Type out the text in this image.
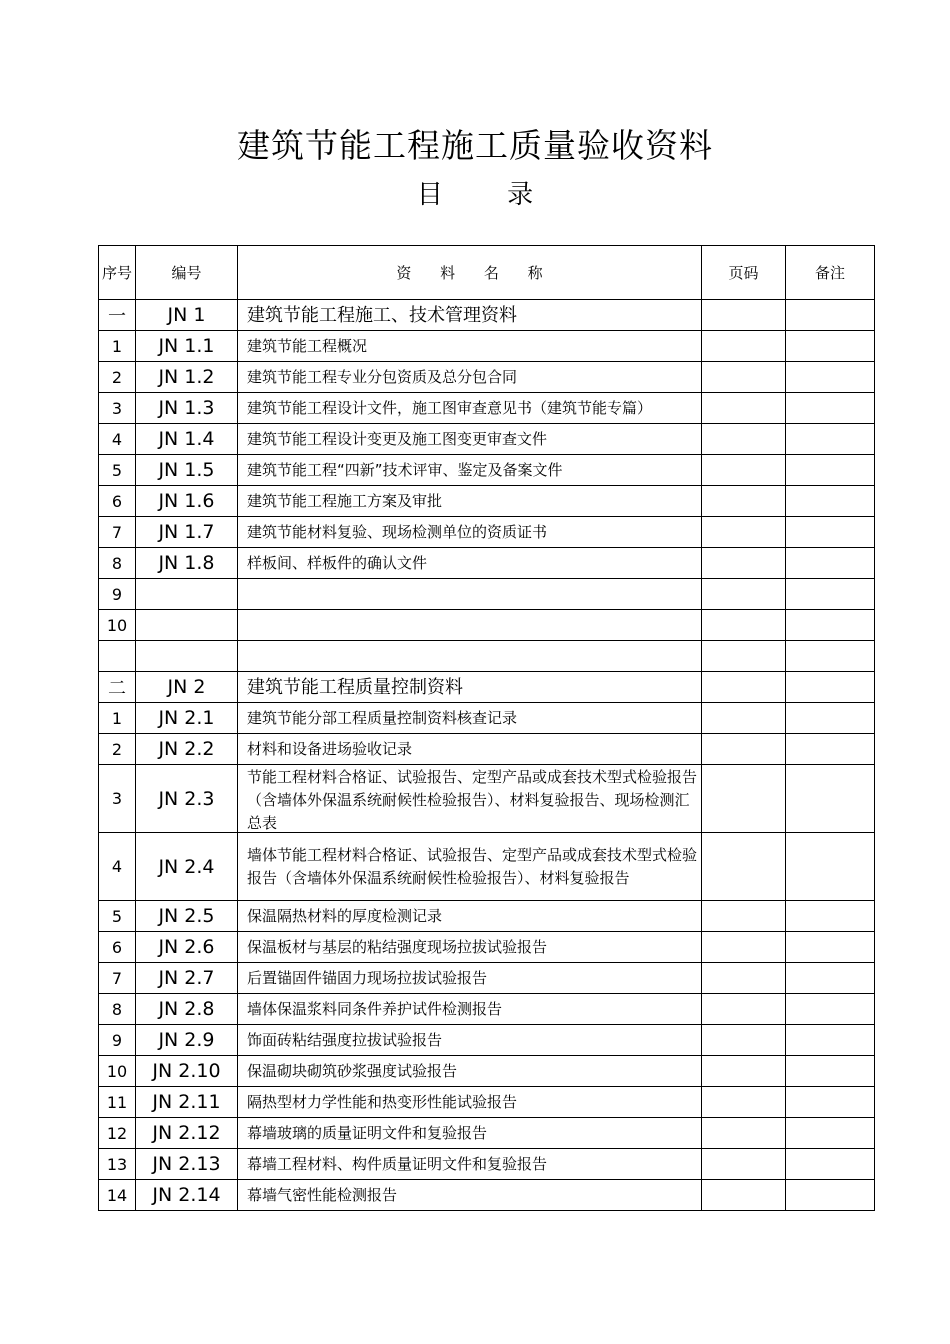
建筑节能工程施工质量验收资料
目 录
序号	编号	资 料 名 称	页码	备注
一	JN 1	建筑节能工程施工、技术管理资料		

1	JN 1.1	建筑节能工程概况		

2	JN 1.2	建筑节能工程专业分包资质及总分包合同		

3	JN 1.3	建筑节能工程设计文件，施工图审查意见书（建筑节能专篇）		

4	JN 1.4	建筑节能工程设计变更及施工图变更审查文件		

5	JN 1.5	建筑节能工程“四新”技术评审、鉴定及备案文件		

6	JN 1.6	建筑节能工程施工方案及审批		

7	JN 1.7	建筑节能材料复验、现场检测单位的资质证书		

8	JN 1.8	样板间、样板件的确认文件		

9		

10		

二	JN 2	建筑节能工程质量控制资料		

1	JN 2.1	建筑节能分部工程质量控制资料核查记录		

2	JN 2.2	材料和设备进场验收记录		

3	JN 2.3	节能工程材料合格证、试验报告、定型产品或成套技术型式检验报告（含墙体外保温系统耐候性检验报告）、材料复验报告、现场检测汇总表		

4	JN 2.4	墙体节能工程材料合格证、试验报告、定型产品或成套技术型式检验报告（含墙体外保温系统耐候性检验报告）、材料复验报告		

5	JN 2.5	保温隔热材料的厚度检测记录		

6	JN 2.6	保温板材与基层的粘结强度现场拉拔试验报告		

7	JN 2.7	后置锚固件锚固力现场拉拔试验报告		

8	JN 2.8	墙体保温浆料同条件养护试件检测报告		

9	JN 2.9	饰面砖粘结强度拉拔试验报告		

10	JN 2.10	保温砌块砌筑砂浆强度试验报告		

11	JN 2.11	隔热型材力学性能和热变形性能试验报告		

12	JN 2.12	幕墙玻璃的质量证明文件和复验报告		

13	JN 2.13	幕墙工程材料、构件质量证明文件和复验报告		

14	JN 2.14	幕墙气密性能检测报告		
